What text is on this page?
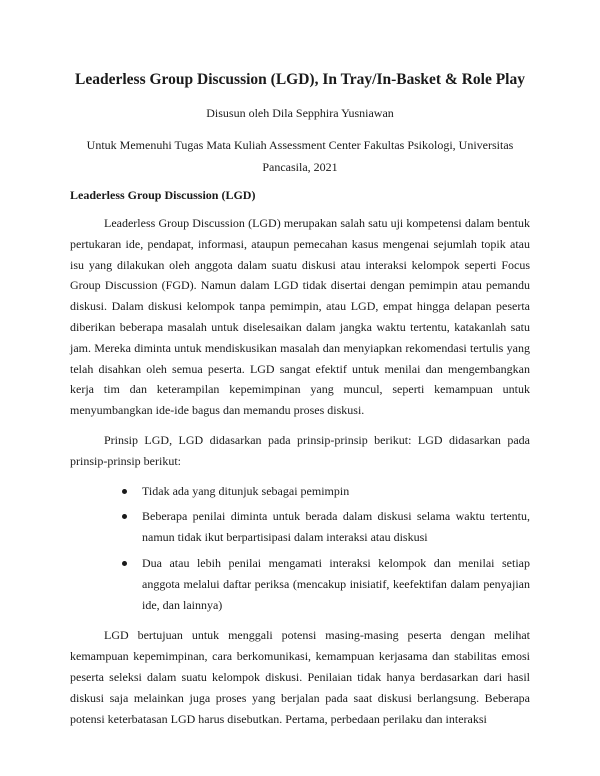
Leaderless Group Discussion (LGD), In Tray/In-Basket & Role Play
Disusun oleh Dila Sepphira Yusniawan
Untuk Memenuhi Tugas Mata Kuliah Assessment Center Fakultas Psikologi, Universitas Pancasila, 2021
Leaderless Group Discussion (LGD)

Leaderless Group Discussion (LGD) merupakan salah satu uji kompetensi dalam bentuk pertukaran ide, pendapat, informasi, ataupun pemecahan kasus mengenai sejumlah topik atau isu yang dilakukan oleh anggota dalam suatu diskusi atau interaksi kelompok seperti Focus Group Discussion (FGD). Namun dalam LGD tidak disertai dengan pemimpin atau pemandu diskusi. Dalam diskusi kelompok tanpa pemimpin, atau LGD, empat hingga delapan peserta diberikan beberapa masalah untuk diselesaikan dalam jangka waktu tertentu, katakanlah satu jam. Mereka diminta untuk mendiskusikan masalah dan menyiapkan rekomendasi tertulis yang telah disahkan oleh semua peserta. LGD sangat efektif untuk menilai dan mengembangkan kerja tim dan keterampilan kepemimpinan yang muncul, seperti kemampuan untuk menyumbangkan ide-ide bagus dan memandu proses diskusi.

Prinsip LGD, LGD didasarkan pada prinsip-prinsip berikut: LGD didasarkan pada prinsip-prinsip berikut:

Tidak ada yang ditunjuk sebagai pemimpin
Beberapa penilai diminta untuk berada dalam diskusi selama waktu tertentu, namun tidak ikut berpartisipasi dalam interaksi atau diskusi
Dua atau lebih penilai mengamati interaksi kelompok dan menilai setiap anggota melalui daftar periksa (mencakup inisiatif, keefektifan dalam penyajian ide, dan lainnya)

LGD bertujuan untuk menggali potensi masing-masing peserta dengan melihat kemampuan kepemimpinan, cara berkomunikasi, kemampuan kerjasama dan stabilitas emosi peserta seleksi dalam suatu kelompok diskusi. Penilaian tidak hanya berdasarkan dari hasil diskusi saja melainkan juga proses yang berjalan pada saat diskusi berlangsung. Beberapa potensi keterbatasan LGD harus disebutkan. Pertama, perbedaan perilaku dan interaksi
